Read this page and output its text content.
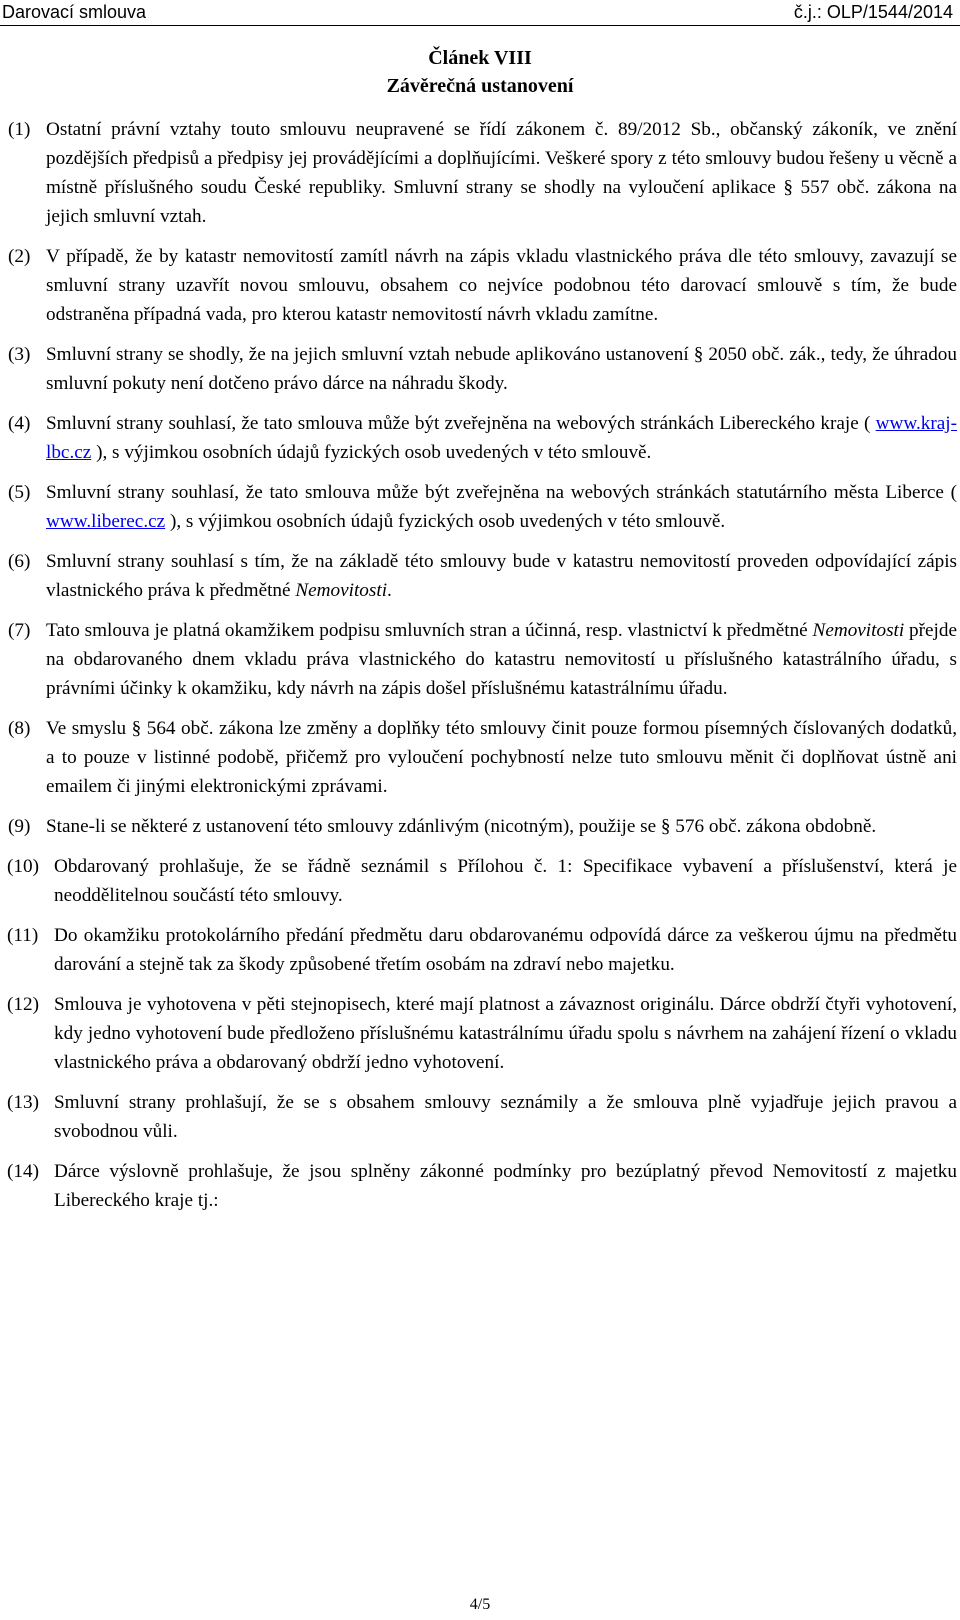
Darovací smlouva	č.j.: OLP/1544/2014
Článek VIII
Závěrečná ustanovení
(1) Ostatní právní vztahy touto smlouvu neupravené se řídí zákonem č. 89/2012 Sb., občanský zákoník, ve znění pozdějších předpisů a předpisy jej provádějícími a doplňujícími. Veškeré spory z této smlouvy budou řešeny u věcně a místně příslušného soudu České republiky. Smluvní strany se shodly na vyloučení aplikace § 557 obč. zákona na jejich smluvní vztah.
(2) V případě, že by katastr nemovitostí zamítl návrh na zápis vkladu vlastnického práva dle této smlouvy, zavazují se smluvní strany uzavřít novou smlouvu, obsahem co nejvíce podobnou této darovací smlouvě s tím, že bude odstraněna případná vada, pro kterou katastr nemovitostí návrh vkladu zamítne.
(3) Smluvní strany se shodly, že na jejich smluvní vztah nebude aplikováno ustanovení § 2050 obč. zák., tedy, že úhradou smluvní pokuty není dotčeno právo dárce na náhradu škody.
(4) Smluvní strany souhlasí, že tato smlouva může být zveřejněna na webových stránkách Libereckého kraje ( www.kraj-lbc.cz ), s výjimkou osobních údajů fyzických osob uvedených v této smlouvě.
(5) Smluvní strany souhlasí, že tato smlouva může být zveřejněna na webových stránkách statutárního města Liberce ( www.liberec.cz ), s výjimkou osobních údajů fyzických osob uvedených v této smlouvě.
(6) Smluvní strany souhlasí s tím, že na základě této smlouvy bude v katastru nemovitostí proveden odpovídající zápis vlastnického práva k předmětné Nemovitosti.
(7) Tato smlouva je platná okamžikem podpisu smluvních stran a účinná, resp. vlastnictví k předmětné Nemovitosti přejde na obdarovaného dnem vkladu práva vlastnického do katastru nemovitostí u příslušného katastrálního úřadu, s právními účinky k okamžiku, kdy návrh na zápis došel příslušnému katastrálnímu úřadu.
(8) Ve smyslu § 564 obč. zákona lze změny a doplňky této smlouvy činit pouze formou písemných číslovaných dodatků, a to pouze v listinné podobě, přičemž pro vyloučení pochybností nelze tuto smlouvu měnit či doplňovat ústně ani emailem či jinými elektronickými zprávami.
(9) Stane-li se některé z ustanovení této smlouvy zdánlivým (nicotným), použije se § 576 obč. zákona obdobně.
(10) Obdarovaný prohlašuje, že se řádně seznámil s Přílohou č. 1: Specifikace vybavení a příslušenství, která je neoddělitelnou součástí této smlouvy.
(11) Do okamžiku protokolárního předání předmětu daru obdarovanému odpovídá dárce za veškerou újmu na předmětu darování a stejně tak za škody způsobené třetím osobám na zdraví nebo majetku.
(12) Smlouva je vyhotovena v pěti stejnopisech, které mají platnost a závaznost originálu. Dárce obdrží čtyři vyhotovení, kdy jedno vyhotovení bude předloženo příslušnému katastrálnímu úřadu spolu s návrhem na zahájení řízení o vkladu vlastnického práva a obdarovaný obdrží jedno vyhotovení.
(13) Smluvní strany prohlašují, že se s obsahem smlouvy seznámily a že smlouva plně vyjadřuje jejich pravou a svobodnou vůli.
(14) Dárce výslovně prohlašuje, že jsou splněny zákonné podmínky pro bezúplatný převod Nemovitostí z majetku Libereckého kraje tj.:
4/5
